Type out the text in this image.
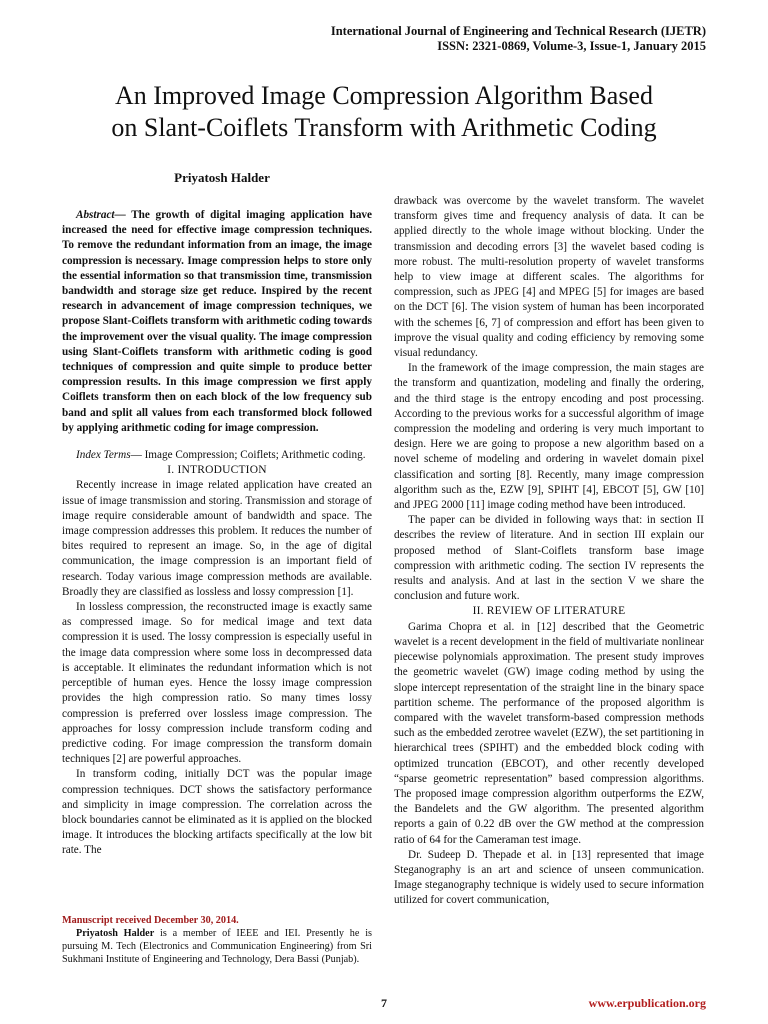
International Journal of Engineering and Technical Research (IJETR)
ISSN: 2321-0869, Volume-3, Issue-1, January 2015
An Improved Image Compression Algorithm Based
on Slant-Coiflets Transform with Arithmetic Coding
Priyatosh Halder

Abstract— The growth of digital imaging application have increased the need for effective image compression techniques. To remove the redundant information from an image, the image compression is necessary. Image compression helps to store only the essential information so that transmission time, transmission bandwidth and storage size get reduce. Inspired by the recent research in advancement of image compression techniques, we propose Slant-Coiflets transform with arithmetic coding towards the improvement over the visual quality. The image compression using Slant-Coiflets transform with arithmetic coding is good techniques of compression and quite simple to produce better compression results. In this image compression we first apply Coiflets transform then on each block of the low frequency sub band and split all values from each transformed block followed by applying arithmetic coding for image compression.

Index Terms— Image Compression; Coiflets; Arithmetic coding.

I. INTRODUCTION

Recently increase in image related application have created an issue of image transmission and storing. Transmission and storage of image require considerable amount of bandwidth and space. The image compression addresses this problem. It reduces the number of bites required to represent an image. So, in the age of digital communication, the image compression is an important field of research. Today various image compression methods are available. Broadly they are classified as lossless and lossy compression [1].

In lossless compression, the reconstructed image is exactly same as compressed image. So for medical image and text data compression it is used. The lossy compression is especially useful in the image data compression where some loss in decompressed data is acceptable. It eliminates the redundant information which is not perceptible of human eyes. Hence the lossy image compression provides the high compression ratio. So many times lossy compression is preferred over lossless image compression. The approaches for lossy compression include transform coding and predictive coding. For image compression the transform domain techniques [2] are powerful approaches.

In transform coding, initially DCT was the popular image compression techniques. DCT shows the satisfactory performance and simplicity in image compression. The correlation across the block boundaries cannot be eliminated as it is applied on the blocked image. It introduces the blocking artifacts specifically at the low bit rate. The

drawback was overcome by the wavelet transform. The wavelet transform gives time and frequency analysis of data. It can be applied directly to the whole image without blocking. Under the transmission and decoding errors [3] the wavelet based coding is more robust. The multi-resolution property of wavelet transforms help to view image at different scales. The algorithms for compression, such as JPEG [4] and MPEG [5] for images are based on the DCT [6]. The vision system of human has been incorporated with the schemes [6, 7] of compression and effort has been given to improve the visual quality and coding efficiency by removing some visual redundancy.

In the framework of the image compression, the main stages are the transform and quantization, modeling and finally the ordering, and the third stage is the entropy encoding and post processing. According to the previous works for a successful algorithm of image compression the modeling and ordering is very much important to design. Here we are going to propose a new algorithm based on a novel scheme of modeling and ordering in wavelet domain pixel classification and sorting [8]. Recently, many image compression algorithm such as the, EZW [9], SPIHT [4], EBCOT [5], GW [10] and JPEG 2000 [11] image coding method have been introduced.

The paper can be divided in following ways that: in section II describes the review of literature. And in section III explain our proposed method of Slant-Coiflets transform base image compression with arithmetic coding. The section IV represents the results and analysis. And at last in the section V we share the conclusion and future work.

II. REVIEW OF LITERATURE

Garima Chopra et al. in [12] described that the Geometric wavelet is a recent development in the field of multivariate nonlinear piecewise polynomials approximation. The present study improves the geometric wavelet (GW) image coding method by using the slope intercept representation of the straight line in the binary space partition scheme. The performance of the proposed algorithm is compared with the wavelet transform-based compression methods such as the embedded zerotree wavelet (EZW), the set partitioning in hierarchical trees (SPIHT) and the embedded block coding with optimized truncation (EBCOT), and other recently developed “sparse geometric representation” based compression algorithms. The proposed image compression algorithm outperforms the EZW, the Bandelets and the GW algorithm. The presented algorithm reports a gain of 0.22 dB over the GW method at the compression ratio of 64 for the Cameraman test image.

Dr. Sudeep D. Thepade et al. in [13] represented that image Steganography is an art and science of unseen communication. Image steganography technique is widely used to secure information utilized for covert communication,

Manuscript received December 30, 2014.
Priyatosh Halder is a member of IEEE and IEI. Presently he is pursuing M. Tech (Electronics and Communication Engineering) from Sri Sukhmani Institute of Engineering and Technology, Dera Bassi (Punjab).
7	www.erpublication.org
